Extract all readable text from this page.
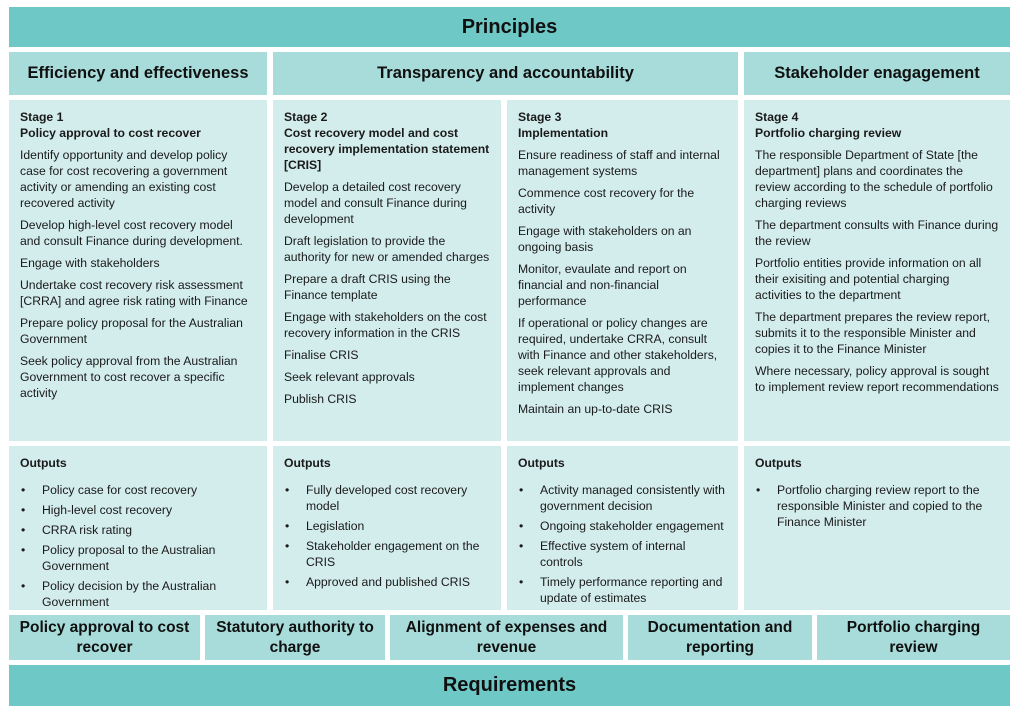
Principles
Efficiency and effectiveness	Transparency and accountability	Stakeholder enagagement
Stage 1
Policy approval to cost recover
Identify opportunity and develop policy case for cost recovering a government activity or amending an existing cost recovered activity
Develop high-level cost recovery model and consult Finance during development.
Engage with stakeholders
Undertake cost recovery risk assessment [CRRA] and agree risk rating with Finance
Prepare policy proposal for the Australian Government
Seek policy approval from the Australian Government to cost recover a specific activity
Stage 2
Cost recovery model and cost recovery implementation statement [CRIS]
Develop a detailed cost recovery model and consult Finance during development
Draft legislation to provide the authority for new or amended charges
Prepare a draft CRIS using the Finance template
Engage with stakeholders on the cost recovery information in the CRIS
Finalise CRIS
Seek relevant approvals
Publish CRIS
Stage 3
Implementation
Ensure readiness of staff and internal management systems
Commence cost recovery for the activity
Engage with stakeholders on an ongoing basis
Monitor, evaulate and report on financial and non-financial performance
If operational or policy changes are required, undertake CRRA, consult with Finance and other stakeholders, seek relevant approvals and implement changes
Maintain an up-to-date CRIS
Stage 4
Portfolio charging review
The responsible Department of State [the department] plans and coordinates the review according to the schedule of portfolio charging reviews
The department consults with Finance during the review
Portfolio entities provide information on all their exisiting and potential charging activities to the department
The department prepares the review report, submits it to the responsible Minister and copies it to the Finance Minister
Where necessary, policy approval is sought to implement review report recommendations
Outputs
• Policy case for cost recovery
• High-level cost recovery
• CRRA risk rating
• Policy proposal to the Australian Government
• Policy decision by the Australian Government
Outputs
• Fully developed cost recovery model
• Legislation
• Stakeholder engagement on the CRIS
• Approved and published CRIS
Outputs
• Activity managed consistently with government decision
• Ongoing stakeholder engagement
• Effective system of internal controls
• Timely performance reporting and update of estimates
Outputs
• Portfolio charging review report to the responsible Minister and copied to the Finance Minister
Policy approval to cost recover
Statutory authority to charge
Alignment of expenses and revenue
Documentation and reporting
Portfolio charging review
Requirements
